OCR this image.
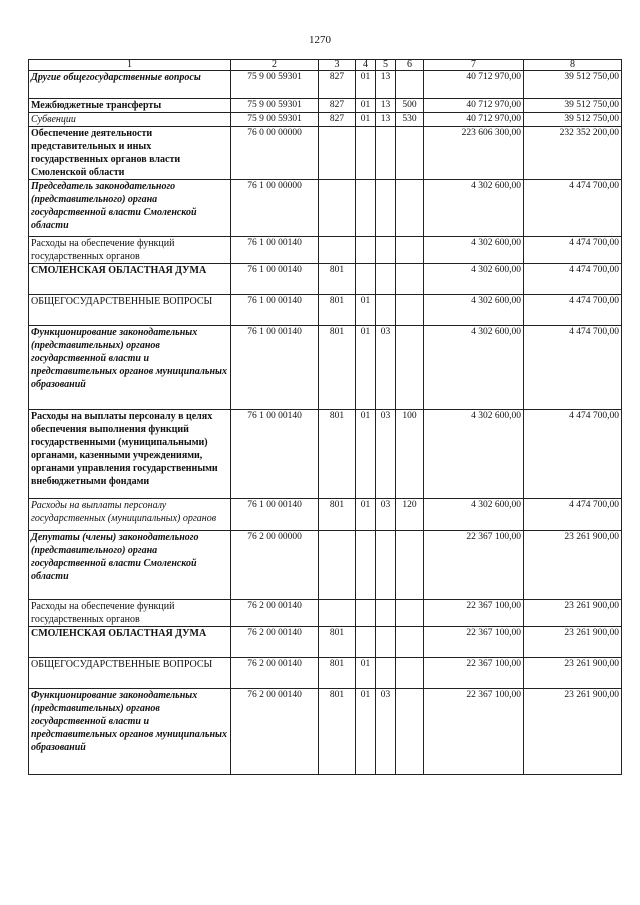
1270
1	2	3	4	5	6	7	8
Другие общегосударственные вопросы	75 9 00 59301	827	01	13		40 712 970,00	39 512 750,00
Межбюджетные трансферты	75 9 00 59301	827	01	13	500	40 712 970,00	39 512 750,00
Субвенции	75 9 00 59301	827	01	13	530	40 712 970,00	39 512 750,00
Обеспечение деятельности представительных и иных государственных органов власти Смоленской области	76 0 00 00000					223 606 300,00	232 352 200,00
Председатель законодательного (представительного) органа государственной власти Смоленской области	76 1 00 00000					4 302 600,00	4 474 700,00
Расходы на обеспечение функций государственных органов	76 1 00 00140					4 302 600,00	4 474 700,00
СМОЛЕНСКАЯ ОБЛАСТНАЯ ДУМА	76 1 00 00140	801				4 302 600,00	4 474 700,00
ОБЩЕГОСУДАРСТВЕННЫЕ ВОПРОСЫ	76 1 00 00140	801	01			4 302 600,00	4 474 700,00
Функционирование законодательных (представительных) органов государственной власти и представительных органов муниципальных образований	76 1 00 00140	801	01	03		4 302 600,00	4 474 700,00
Расходы на выплаты персоналу в целях обеспечения выполнения функций государственными (муниципальными) органами, казенными учреждениями, органами управления государственными внебюджетными фондами	76 1 00 00140	801	01	03	100	4 302 600,00	4 474 700,00
Расходы на выплаты персоналу государственных (муниципальных) органов	76 1 00 00140	801	01	03	120	4 302 600,00	4 474 700,00
Депутаты (члены) законодательного (представительного) органа государственной власти Смоленской области	76 2 00 00000					22 367 100,00	23 261 900,00
Расходы на обеспечение функций государственных органов	76 2 00 00140					22 367 100,00	23 261 900,00
СМОЛЕНСКАЯ ОБЛАСТНАЯ ДУМА	76 2 00 00140	801				22 367 100,00	23 261 900,00
ОБЩЕГОСУДАРСТВЕННЫЕ ВОПРОСЫ	76 2 00 00140	801	01			22 367 100,00	23 261 900,00
Функционирование законодательных (представительных) органов государственной власти и представительных органов муниципальных образований	76 2 00 00140	801	01	03		22 367 100,00	23 261 900,00
